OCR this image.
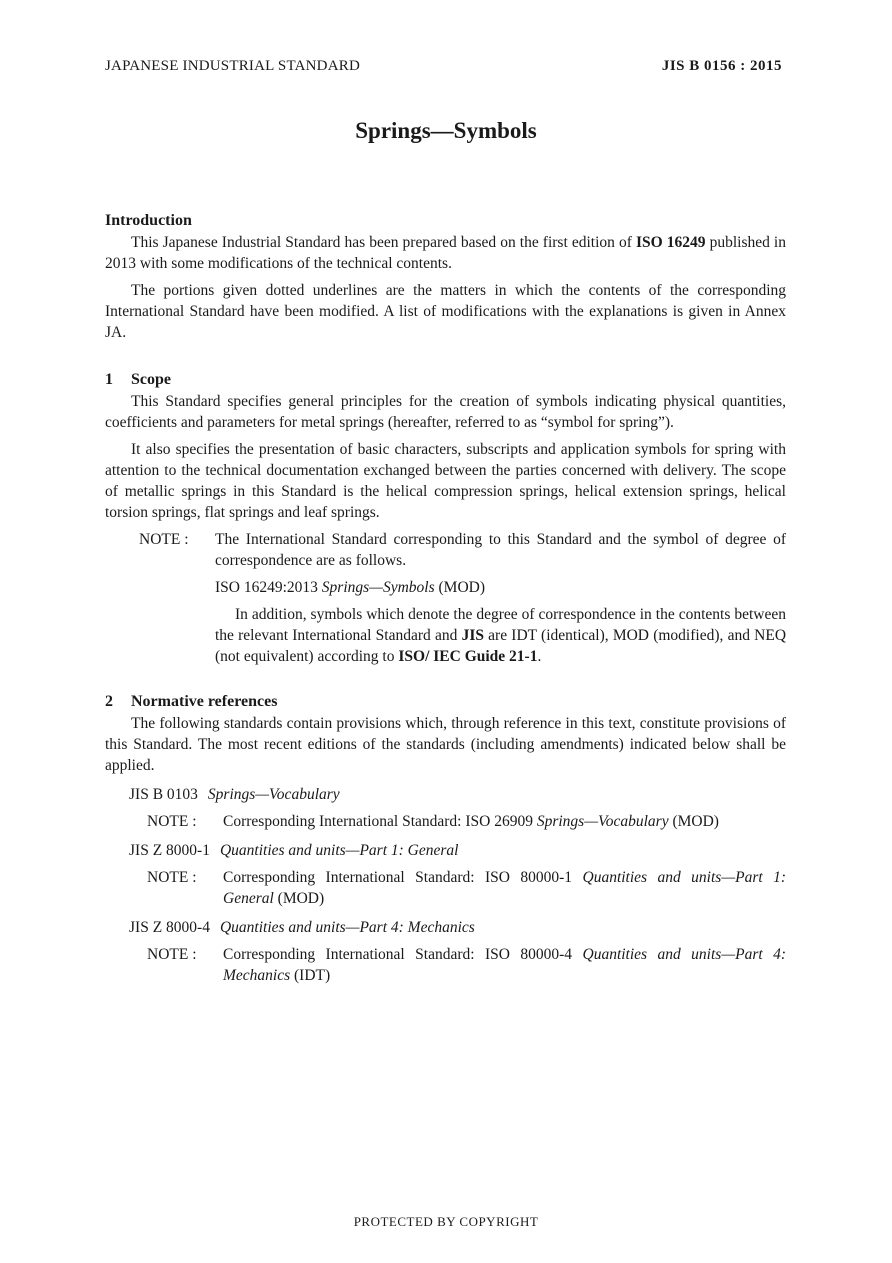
JAPANESE INDUSTRIAL STANDARD	JIS B 0156 : 2015
Springs—Symbols
Introduction

This Japanese Industrial Standard has been prepared based on the first edition of ISO 16249 published in 2013 with some modifications of the technical contents.

The portions given dotted underlines are the matters in which the contents of the corresponding International Standard have been modified. A list of modifications with the explanations is given in Annex JA.

1 Scope

This Standard specifies general principles for the creation of symbols indicating physical quantities, coefficients and parameters for metal springs (hereafter, referred to as “symbol for spring”).

It also specifies the presentation of basic characters, subscripts and application symbols for spring with attention to the technical documentation exchanged between the parties concerned with delivery. The scope of metallic springs in this Standard is the helical compression springs, helical extension springs, helical torsion springs, flat springs and leaf springs.

NOTE :	The International Standard corresponding to this Standard and the symbol of degree of correspondence are as follows.
ISO 16249:2013 Springs—Symbols (MOD)
In addition, symbols which denote the degree of correspondence in the contents between the relevant International Standard and JIS are IDT (identical), MOD (modified), and NEQ (not equivalent) according to ISO/ IEC Guide 21-1.
2 Normative references

The following standards contain provisions which, through reference in this text, constitute provisions of this Standard. The most recent editions of the standards (including amendments) indicated below shall be applied.

JIS B 0103 Springs—Vocabulary
NOTE :	Corresponding International Standard: ISO 26909 Springs—Vocabulary (MOD)
JIS Z 8000-1 Quantities and units—Part 1: General
NOTE :	Corresponding International Standard: ISO 80000-1 Quantities and units—Part 1: General (MOD)
JIS Z 8000-4 Quantities and units—Part 4: Mechanics
NOTE :	Corresponding International Standard: ISO 80000-4 Quantities and units—Part 4: Mechanics (IDT)
PROTECTED BY COPYRIGHT
